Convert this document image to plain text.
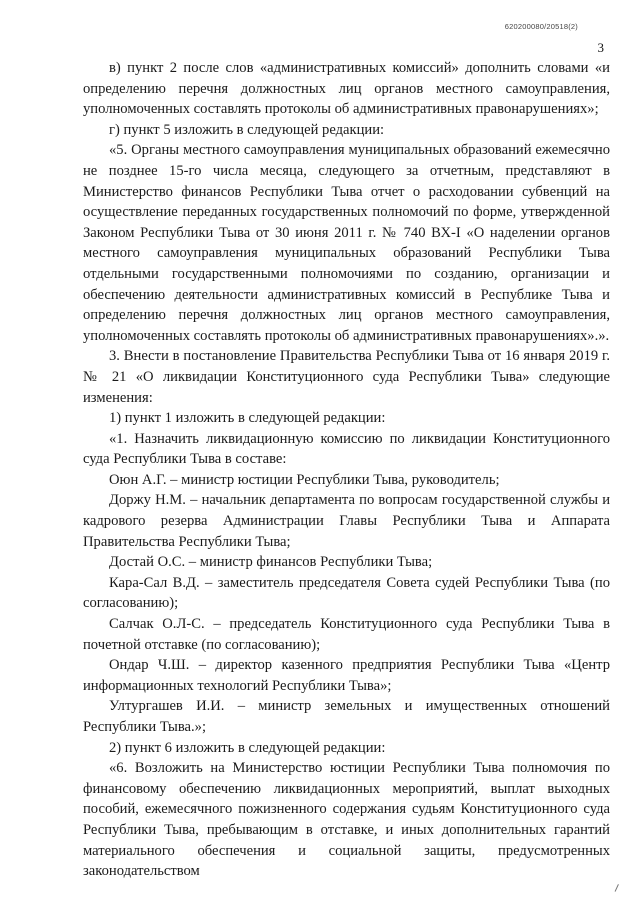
620200080/20518(2)
3

в) пункт 2 после слов «административных комиссий» дополнить словами «и определению перечня должностных лиц органов местного самоуправления, уполномоченных составлять протоколы об административных правонарушениях»;

г) пункт 5 изложить в следующей редакции:

«5. Органы местного самоуправления муниципальных образований ежемесячно не позднее 15-го числа месяца, следующего за отчетным, представляют в Министерство финансов Республики Тыва отчет о расходовании субвенций на осуществление переданных государственных полномочий по форме, утвержденной Законом Республики Тыва от 30 июня 2011 г. № 740 ВХ-I «О наделении органов местного самоуправления муниципальных образований Республики Тыва отдельными государственными полномочиями по созданию, организации и обеспечению деятельности административных комиссий в Республике Тыва и определению перечня должностных лиц органов местного самоуправления, уполномоченных составлять протоколы об административных правонарушениях».».

3. Внести в постановление Правительства Республики Тыва от 16 января 2019 г. № 21 «О ликвидации Конституционного суда Республики Тыва» следующие изменения:

1) пункт 1 изложить в следующей редакции:

«1. Назначить ликвидационную комиссию по ликвидации Конституционного суда Республики Тыва в составе:

Оюн А.Г. – министр юстиции Республики Тыва, руководитель;

Доржу Н.М. – начальник департамента по вопросам государственной службы и кадрового резерва Администрации Главы Республики Тыва и Аппарата Правительства Республики Тыва;

Достай О.С. – министр финансов Республики Тыва;

Кара-Сал В.Д. – заместитель председателя Совета судей Республики Тыва (по согласованию);

Салчак О.Л-С. – председатель Конституционного суда Республики Тыва в почетной отставке (по согласованию);

Ондар Ч.Ш. – директор казенного предприятия Республики Тыва «Центр информационных технологий Республики Тыва»;

Ултургашев И.И. – министр земельных и имущественных отношений Республики Тыва.»;

2) пункт 6 изложить в следующей редакции:

«6. Возложить на Министерство юстиции Республики Тыва полномочия по финансовому обеспечению ликвидационных мероприятий, выплат выходных пособий, ежемесячного пожизненного содержания судьям Конституционного суда Республики Тыва, пребывающим в отставке, и иных дополнительных гарантий материального обеспечения и социальной защиты, предусмотренных законодательством
